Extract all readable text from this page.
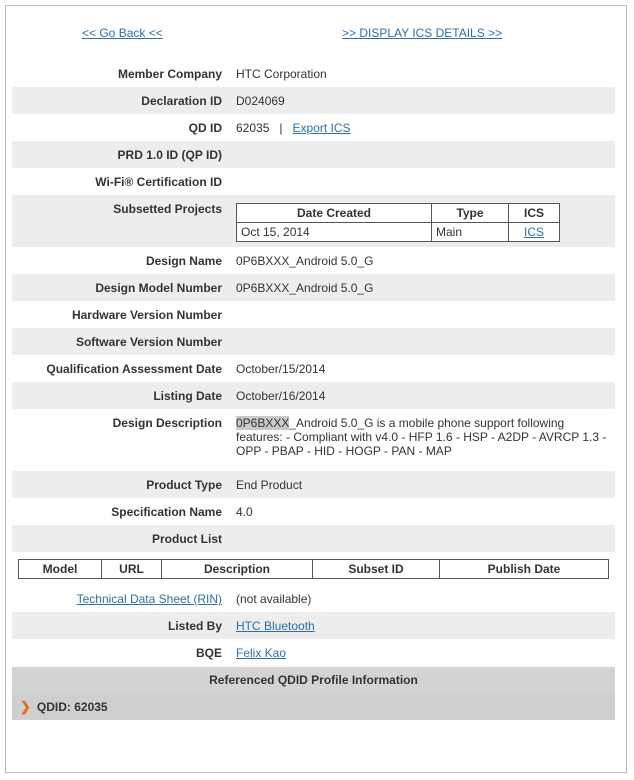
<< Go Back <<	>> DISPLAY ICS DETAILS >>
Member Company HTC Corporation
Declaration ID D024069
QD ID 62035 | Export ICS
PRD 1.0 ID (QP ID)
Wi-Fi® Certification ID
Subsetted Projects	Date Created	Type	ICS
Oct 15, 2014	Main	ICS
Design Name 0P6BXXX_Android 5.0_G
Design Model Number 0P6BXXX_Android 5.0_G
Hardware Version Number
Software Version Number
Qualification Assessment Date October/15/2014
Listing Date October/16/2014
Design Description 0P6BXXX_Android 5.0_G is a mobile phone support following features: - Compliant with v4.0 - HFP 1.6 - HSP - A2DP - AVRCP 1.3 - OPP - PBAP - HID - HOGP - PAN - MAP
Product Type End Product
Specification Name 4.0
Product List
Model	URL	Description	Subset ID	Publish Date
Technical Data Sheet (RIN) (not available)
Listed By HTC Bluetooth
BQE Felix Kao
Referenced QDID Profile Information
❯ QDID: 62035
